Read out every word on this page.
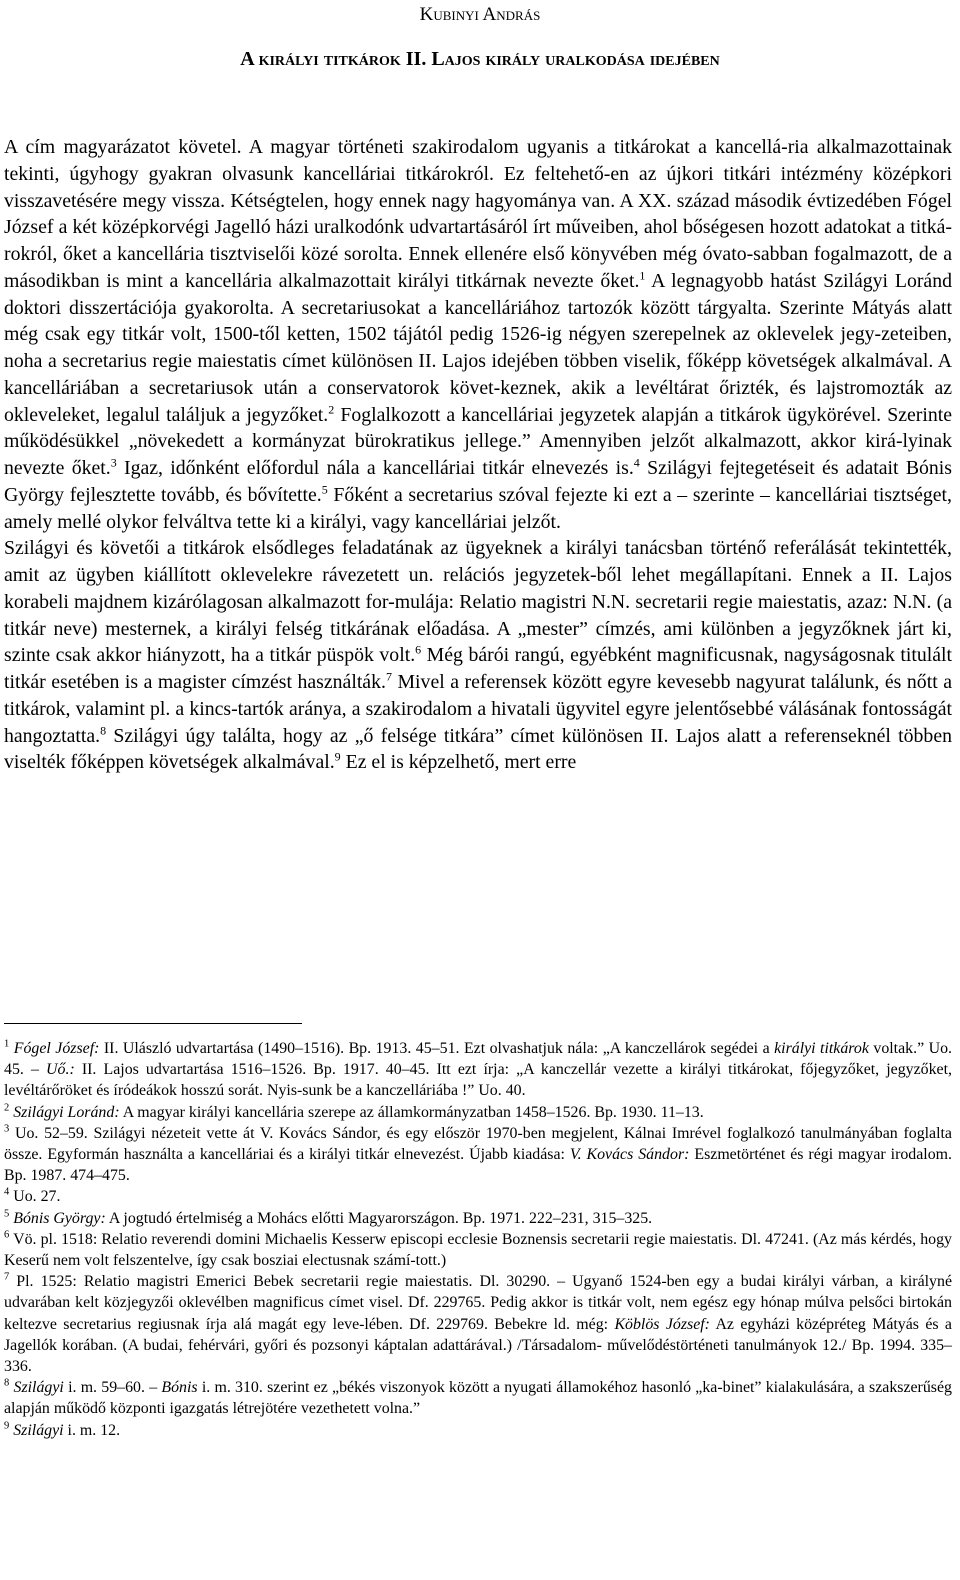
Kubinyi András
A királyi titkárok II. Lajos király uralkodása idejében

A cím magyarázatot követel. A magyar történeti szakirodalom ugyanis a titkárokat a kancellá-ria alkalmazottainak tekinti, úgyhogy gyakran olvasunk kancelláriai titkárokról. Ez feltehető-en az újkori titkári intézmény középkori visszavetésére megy vissza. Kétségtelen, hogy ennek nagy hagyománya van. A XX. század második évtizedében Fógel József a két középkorvégi Jagelló házi uralkodónk udvartartásáról írt műveiben, ahol bőségesen hozott adatokat a titká-rokról, őket a kancellária tisztviselői közé sorolta. Ennek ellenére első könyvében még óvato-sabban fogalmazott, de a másodikban is mint a kancellária alkalmazottait királyi titkárnak nevezte őket.$^1$ A legnagyobb hatást Szilágyi Loránd doktori disszertációja gyakorolta. A secretariusokat a kancelláriához tartozók között tárgyalta. Szerinte Mátyás alatt még csak egy titkár volt, 1500-től ketten, 1502 tájától pedig 1526-ig négyen szerepelnek az oklevelek jegy-zeteiben, noha a secretarius regie maiestatis címet különösen II. Lajos idejében többen viselik, főképp követségek alkalmával. A kancelláriában a secretariusok után a conservatorok követ-keznek, akik a levéltárat őrizték, és lajstromozták az okleveleket, legalul találjuk a jegyzőket.$^2$ Foglalkozott a kancelláriai jegyzetek alapján a titkárok ügykörével. Szerinte működésükkel „növekedett a kormányzat bürokratikus jellege.” Amennyiben jelzőt alkalmazott, akkor kirá-lyinak nevezte őket.$^3$ Igaz, időnként előfordul nála a kancelláriai titkár elnevezés is.$^4$ Szilágyi fejtegetéseit és adatait Bónis György fejlesztette tovább, és bővítette.$^5$ Főként a secretarius szóval fejezte ki ezt a – szerinte – kancelláriai tisztséget, amely mellé olykor felváltva tette ki a királyi, vagy kancelláriai jelzőt.

Szilágyi és követői a titkárok elsődleges feladatának az ügyeknek a királyi tanácsban történő referálását tekintették, amit az ügyben kiállított oklevelekre rávezetett un. relációs jegyzetek-ből lehet megállapítani. Ennek a II. Lajos korabeli majdnem kizárólagosan alkalmazott for-mulája: Relatio magistri N.N. secretarii regie maiestatis, azaz: N.N. (a titkár neve) mesternek, a királyi felség titkárának előadása. A „mester” címzés, ami különben a jegyzőknek járt ki, szinte csak akkor hiányzott, ha a titkár püspök volt.$^6$ Még bárói rangú, egyébként magnificusnak, nagyságosnak titulált titkár esetében is a magister címzést használták.$^7$ Mivel a referensek között egyre kevesebb nagyurat találunk, és nőtt a titkárok, valamint pl. a kincs-tartók aránya, a szakirodalom a hivatali ügyvitel egyre jelentősebbé válásának fontosságát hangoztatta.$^8$ Szilágyi úgy találta, hogy az „ő felsége titkára” címet különösen II. Lajos alatt a referenseknél többen viselték főképpen követségek alkalmával.$^9$ Ez el is képzelhető, mert erre

$^1$ Fógel József: II. Ulászló udvartartása (1490–1516). Bp. 1913. 45–51. Ezt olvashatjuk nála: „A kanczellárok segédei a királyi titkárok voltak.” Uo. 45. – Uő.: II. Lajos udvartartása 1516–1526. Bp. 1917. 40–45. Itt ezt írja: „A kanczellár vezette a királyi titkárokat, főjegyzőket, jegyzőket, levéltárőröket és íródeákok hosszú sorát. Nyis-sunk be a kanczelláriába !” Uo. 40.

$^2$ Szilágyi Loránd: A magyar királyi kancellária szerepe az államkormányzatban 1458–1526. Bp. 1930. 11–13.

$^3$ Uo. 52–59. Szilágyi nézeteit vette át V. Kovács Sándor, és egy először 1970-ben megjelent, Kálnai Imrével foglalkozó tanulmányában foglalta össze. Egyformán használta a kancelláriai és a királyi titkár elnevezést. Újabb kiadása: V. Kovács Sándor: Eszmetörténet és régi magyar irodalom. Bp. 1987. 474–475.

$^4$ Uo. 27.

$^5$ Bónis György: A jogtudó értelmiség a Mohács előtti Magyarországon. Bp. 1971. 222–231, 315–325.

$^6$ Vö. pl. 1518: Relatio reverendi domini Michaelis Kesserw episcopi ecclesie Boznensis secretarii regie maiestatis. Dl. 47241. (Az más kérdés, hogy Keserű nem volt felszentelve, így csak bosziai electusnak számí-tott.)

$^7$ Pl. 1525: Relatio magistri Emerici Bebek secretarii regie maiestatis. Dl. 30290. – Ugyanő 1524-ben egy a budai királyi várban, a királyné udvarában kelt közjegyzői oklevélben magnificus címet visel. Df. 229765. Pedig akkor is titkár volt, nem egész egy hónap múlva pelsőci birtokán keltezve secretarius regiusnak írja alá magát egy leve-lében. Df. 229769. Bebekre ld. még: Köblös József: Az egyházi középréteg Mátyás és a Jagellók korában. (A budai, fehérvári, győri és pozsonyi káptalan adattárával.) /Társadalom- művelődéstörténeti tanulmányok 12./ Bp. 1994. 335–336.

$^8$ Szilágyi i. m. 59–60. – Bónis i. m. 310. szerint ez „békés viszonyok között a nyugati államokéhoz hasonló „ka-binet” kialakulására, a szakszerűség alapján működő központi igazgatás létrejötére vezethetett volna.”

$^9$ Szilágyi i. m. 12.
